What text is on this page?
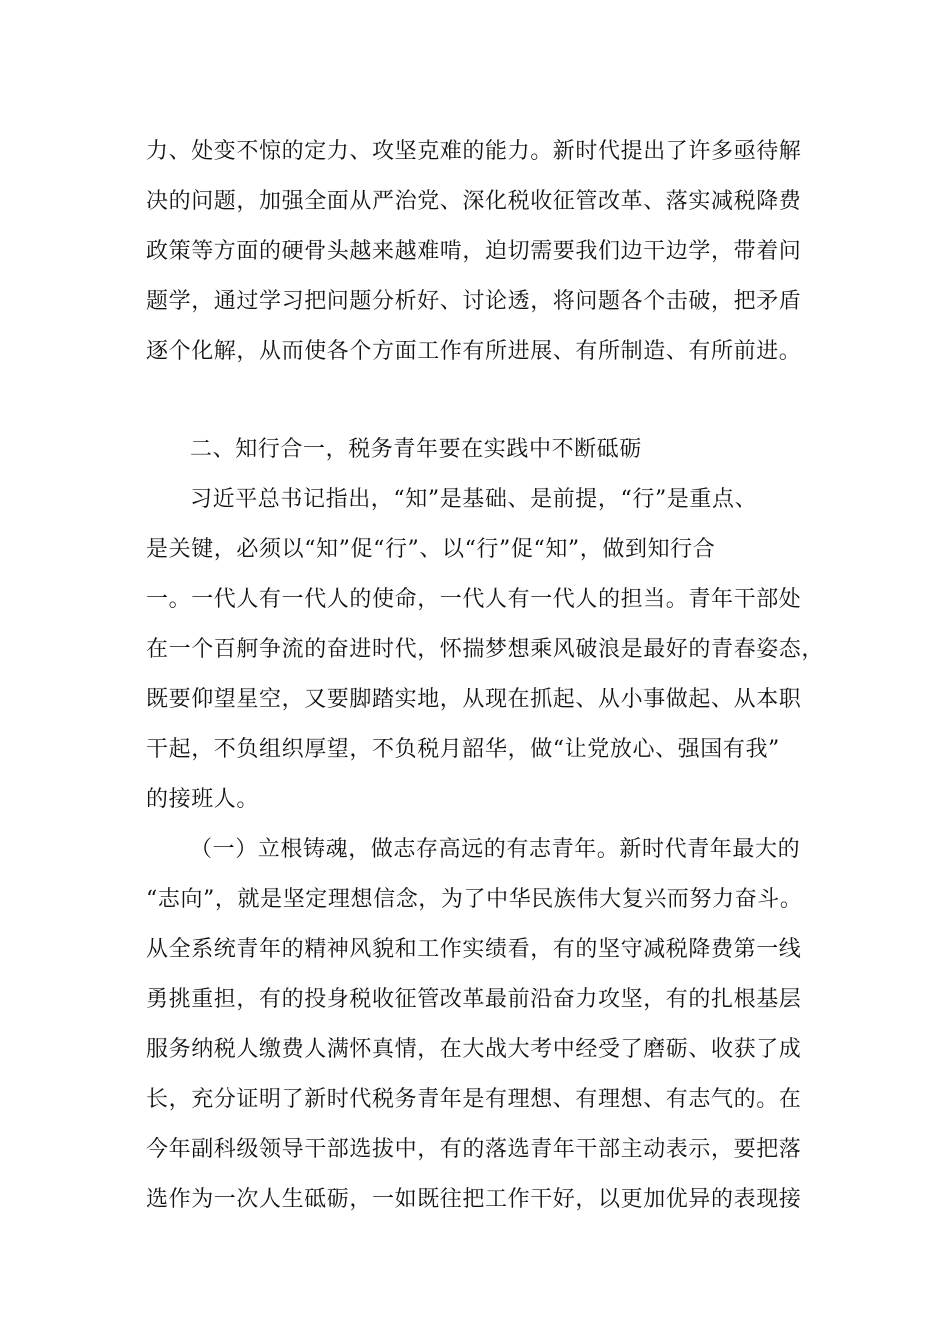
力、处变不惊的定力、攻坚克难的能力。新时代提出了许多亟待解
决的问题，加强全面从严治党、深化税收征管改革、落实减税降费
政策等方面的硬骨头越来越难啃，迫切需要我们边干边学，带着问
题学，通过学习把问题分析好、讨论透，将问题各个击破，把矛盾
逐个化解，从而使各个方面工作有所进展、有所制造、有所前进。
二、知行合一，税务青年要在实践中不断砥砺
习近平总书记指出，“知”是基础、是前提，“行”是重点、
是关键，必须以“知”促“行”、以“行”促“知”，做到知行合
一。一代人有一代人的使命，一代人有一代人的担当。青年干部处
在一个百舸争流的奋进时代，怀揣梦想乘风破浪是最好的青春姿态，
既要仰望星空，又要脚踏实地，从现在抓起、从小事做起、从本职
干起，不负组织厚望，不负税月韶华，做“让党放心、强国有我”
的接班人。
（一）立根铸魂，做志存高远的有志青年。新时代青年最大的
“志向”，就是坚定理想信念，为了中华民族伟大复兴而努力奋斗。
从全系统青年的精神风貌和工作实绩看，有的坚守减税降费第一线
勇挑重担，有的投身税收征管改革最前沿奋力攻坚，有的扎根基层
服务纳税人缴费人满怀真情，在大战大考中经受了磨砺、收获了成
长，充分证明了新时代税务青年是有理想、有理想、有志气的。在
今年副科级领导干部选拔中，有的落选青年干部主动表示，要把落
选作为一次人生砥砺，一如既往把工作干好，以更加优异的表现接
